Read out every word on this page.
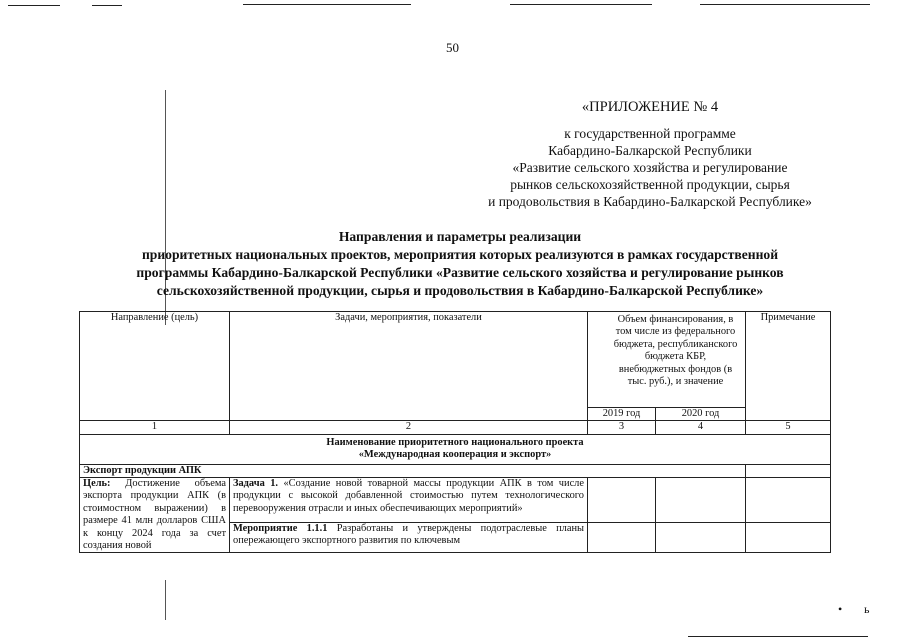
• ь
50
«ПРИЛОЖЕНИЕ № 4
к государственной программе
Кабардино-Балкарской Республики
«Развитие сельского хозяйства и регулирование
рынков сельскохозяйственной продукции, сырья
и продовольствия в Кабардино-Балкарской Республике»
Направления и параметры реализации
приоритетных национальных проектов, мероприятия которых реализуются в рамках государственной
программы Кабардино-Балкарской Республики «Развитие сельского хозяйства и регулирование рынков
сельскохозяйственной продукции, сырья и продовольствия в Кабардино-Балкарской Республике»
Направление (цель)	Задачи, мероприятия, показатели	Объем финансирования, в том числе из федерального бюджета, республиканского бюджета КБР, внебюджетных фондов (в тыс. руб.), и значение		Примечание
		2019 год	2020 год	
1	2	3	4	5

Наименование приоритетного национального проекта
«Международная кооперация и экспорт»				

Экспорт продукции АПК				
Цель: Достижение объема экспорта продукции АПК (в стоимостном выражении) в размере 41 млн долларов США к концу 2024 года за счет создания новой	Задача 1. «Создание новой товарной массы продукции АПК в том числе продукции с высокой добавленной стоимостью путем технологического перевооружения отрасли и иных обеспечивающих мероприятий»			
	Мероприятие 1.1.1 Разработаны и утверждены подотраслевые планы опережающего экспортного развития по ключевым			
